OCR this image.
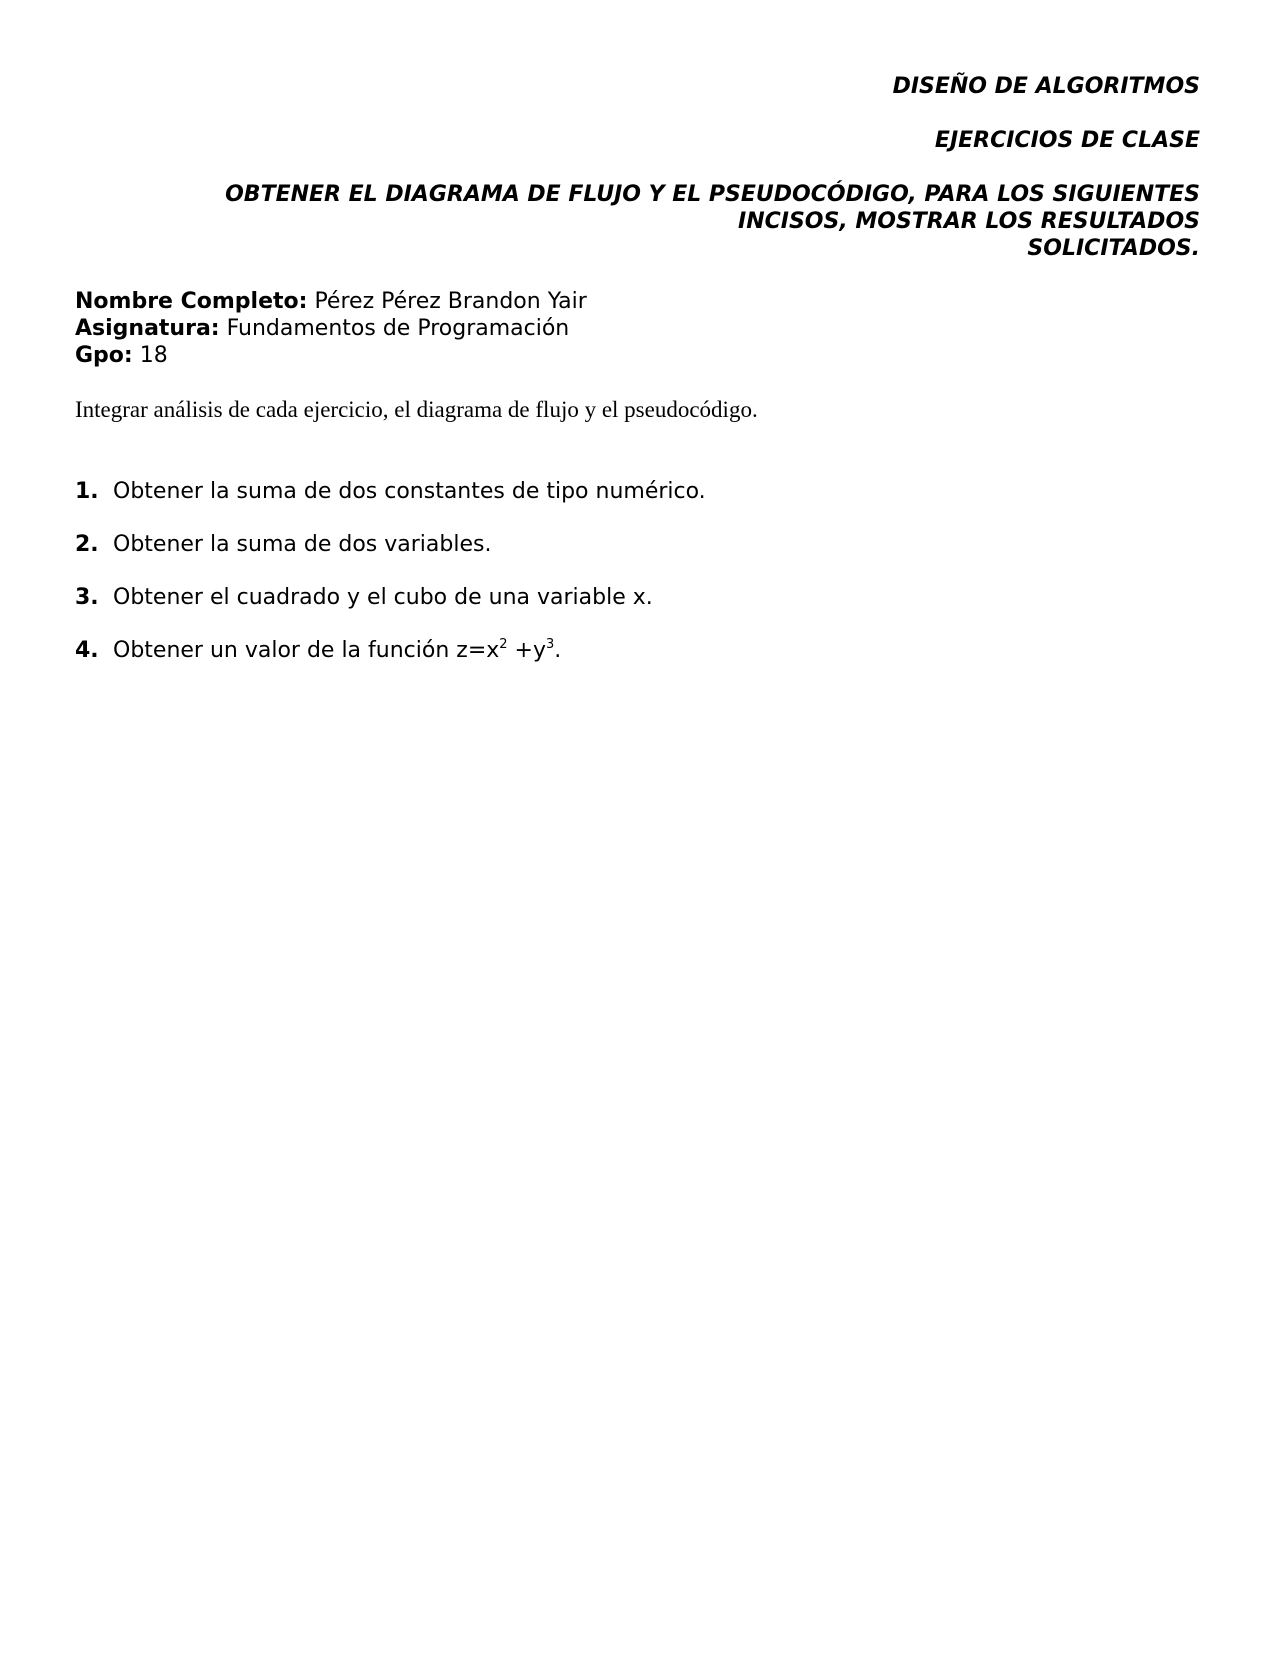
DISEÑO DE ALGORITMOS
EJERCICIOS DE CLASE
OBTENER EL DIAGRAMA DE FLUJO Y EL PSEUDOCÓDIGO, PARA LOS SIGUIENTES
INCISOS, MOSTRAR LOS RESULTADOS
SOLICITADOS.
Nombre Completo: Pérez Pérez Brandon Yair
Asignatura: Fundamentos de Programación
Gpo: 18
Integrar análisis de cada ejercicio, el diagrama de flujo y el pseudocódigo.
1. Obtener la suma de dos constantes de tipo numérico.
2. Obtener la suma de dos variables.
3. Obtener el cuadrado y el cubo de una variable x.
4. Obtener un valor de la función $z=x^2 +y^3$.
